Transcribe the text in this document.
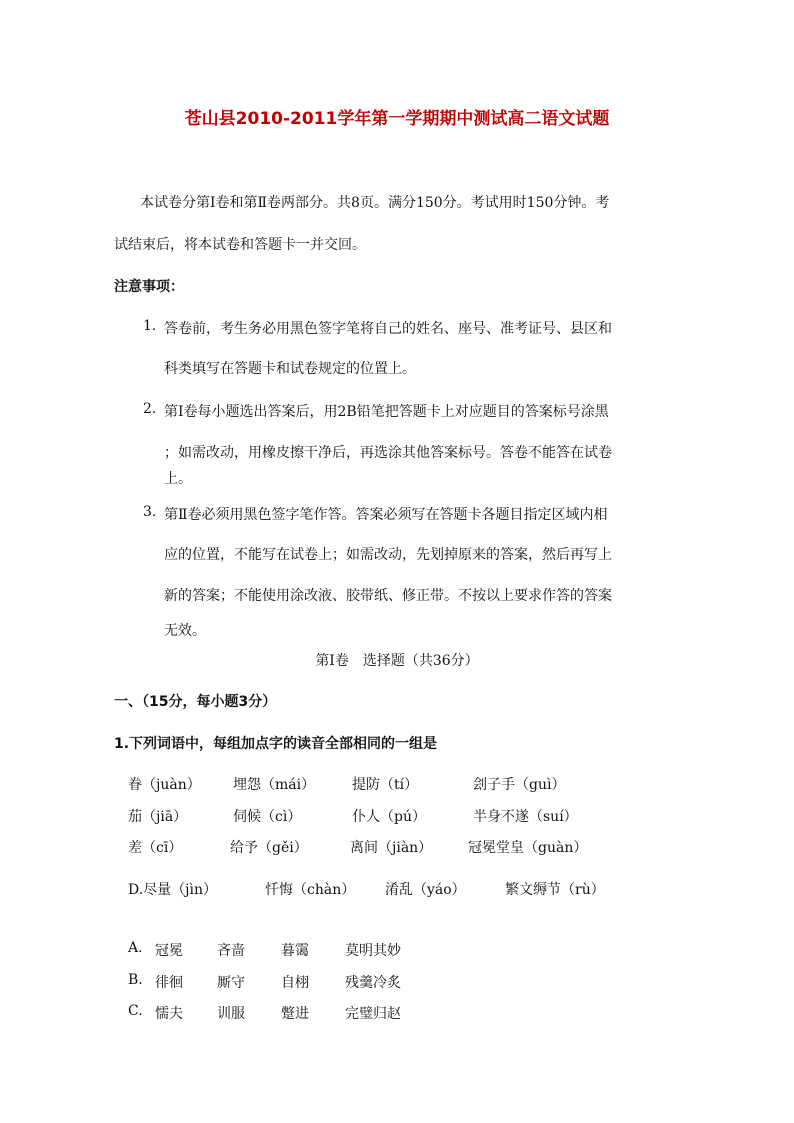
苍山县2010-2011学年第一学期期中测试高二语文试题
本试卷分第Ⅰ卷和第Ⅱ卷两部分。共8页。满分150分。考试用时150分钟。考
试结束后，将本试卷和答题卡一并交回。
注意事项：
1. 答卷前，考生务必用黑色签字笔将自己的姓名、座号、准考证号、县区和
科类填写在答题卡和试卷规定的位置上。
2. 第Ⅰ卷每小题选出答案后，用2B铅笔把答题卡上对应题目的答案标号涂黑
；如需改动，用橡皮擦干净后，再选涂其他答案标号。答卷不能答在试卷
上。
3. 第Ⅱ卷必须用黑色签字笔作答。答案必须写在答题卡各题目指定区域内相
应的位置，不能写在试卷上；如需改动，先划掉原来的答案，然后再写上
新的答案；不能使用涂改液、胶带纸、修正带。不按以上要求作答的答案
无效。
第Ⅰ卷　选择题（共36分）
一、（15分，每小题3分）
1.下列词语中，每组加点字的读音全部相同的一组是
眷（juàn） 埋怨（mái）	提防（tí）	刽子手（guì）
茄（jiā）	伺候（cì）	仆人（pú）	半身不遂（suí）
差（cī）	给予（gěi）	离间（jiàn）	冠冕堂皇（guàn）
D.尽量（jìn）	忏悔（chàn） 淆乱（yáo）	繁文缛节（rù）
A. 冠冕 吝啬	暮霭	莫明其妙
B. 徘徊 厮守	自栩	残羹冷炙
C. 懦夫 训服	蹩进	完璧归赵
